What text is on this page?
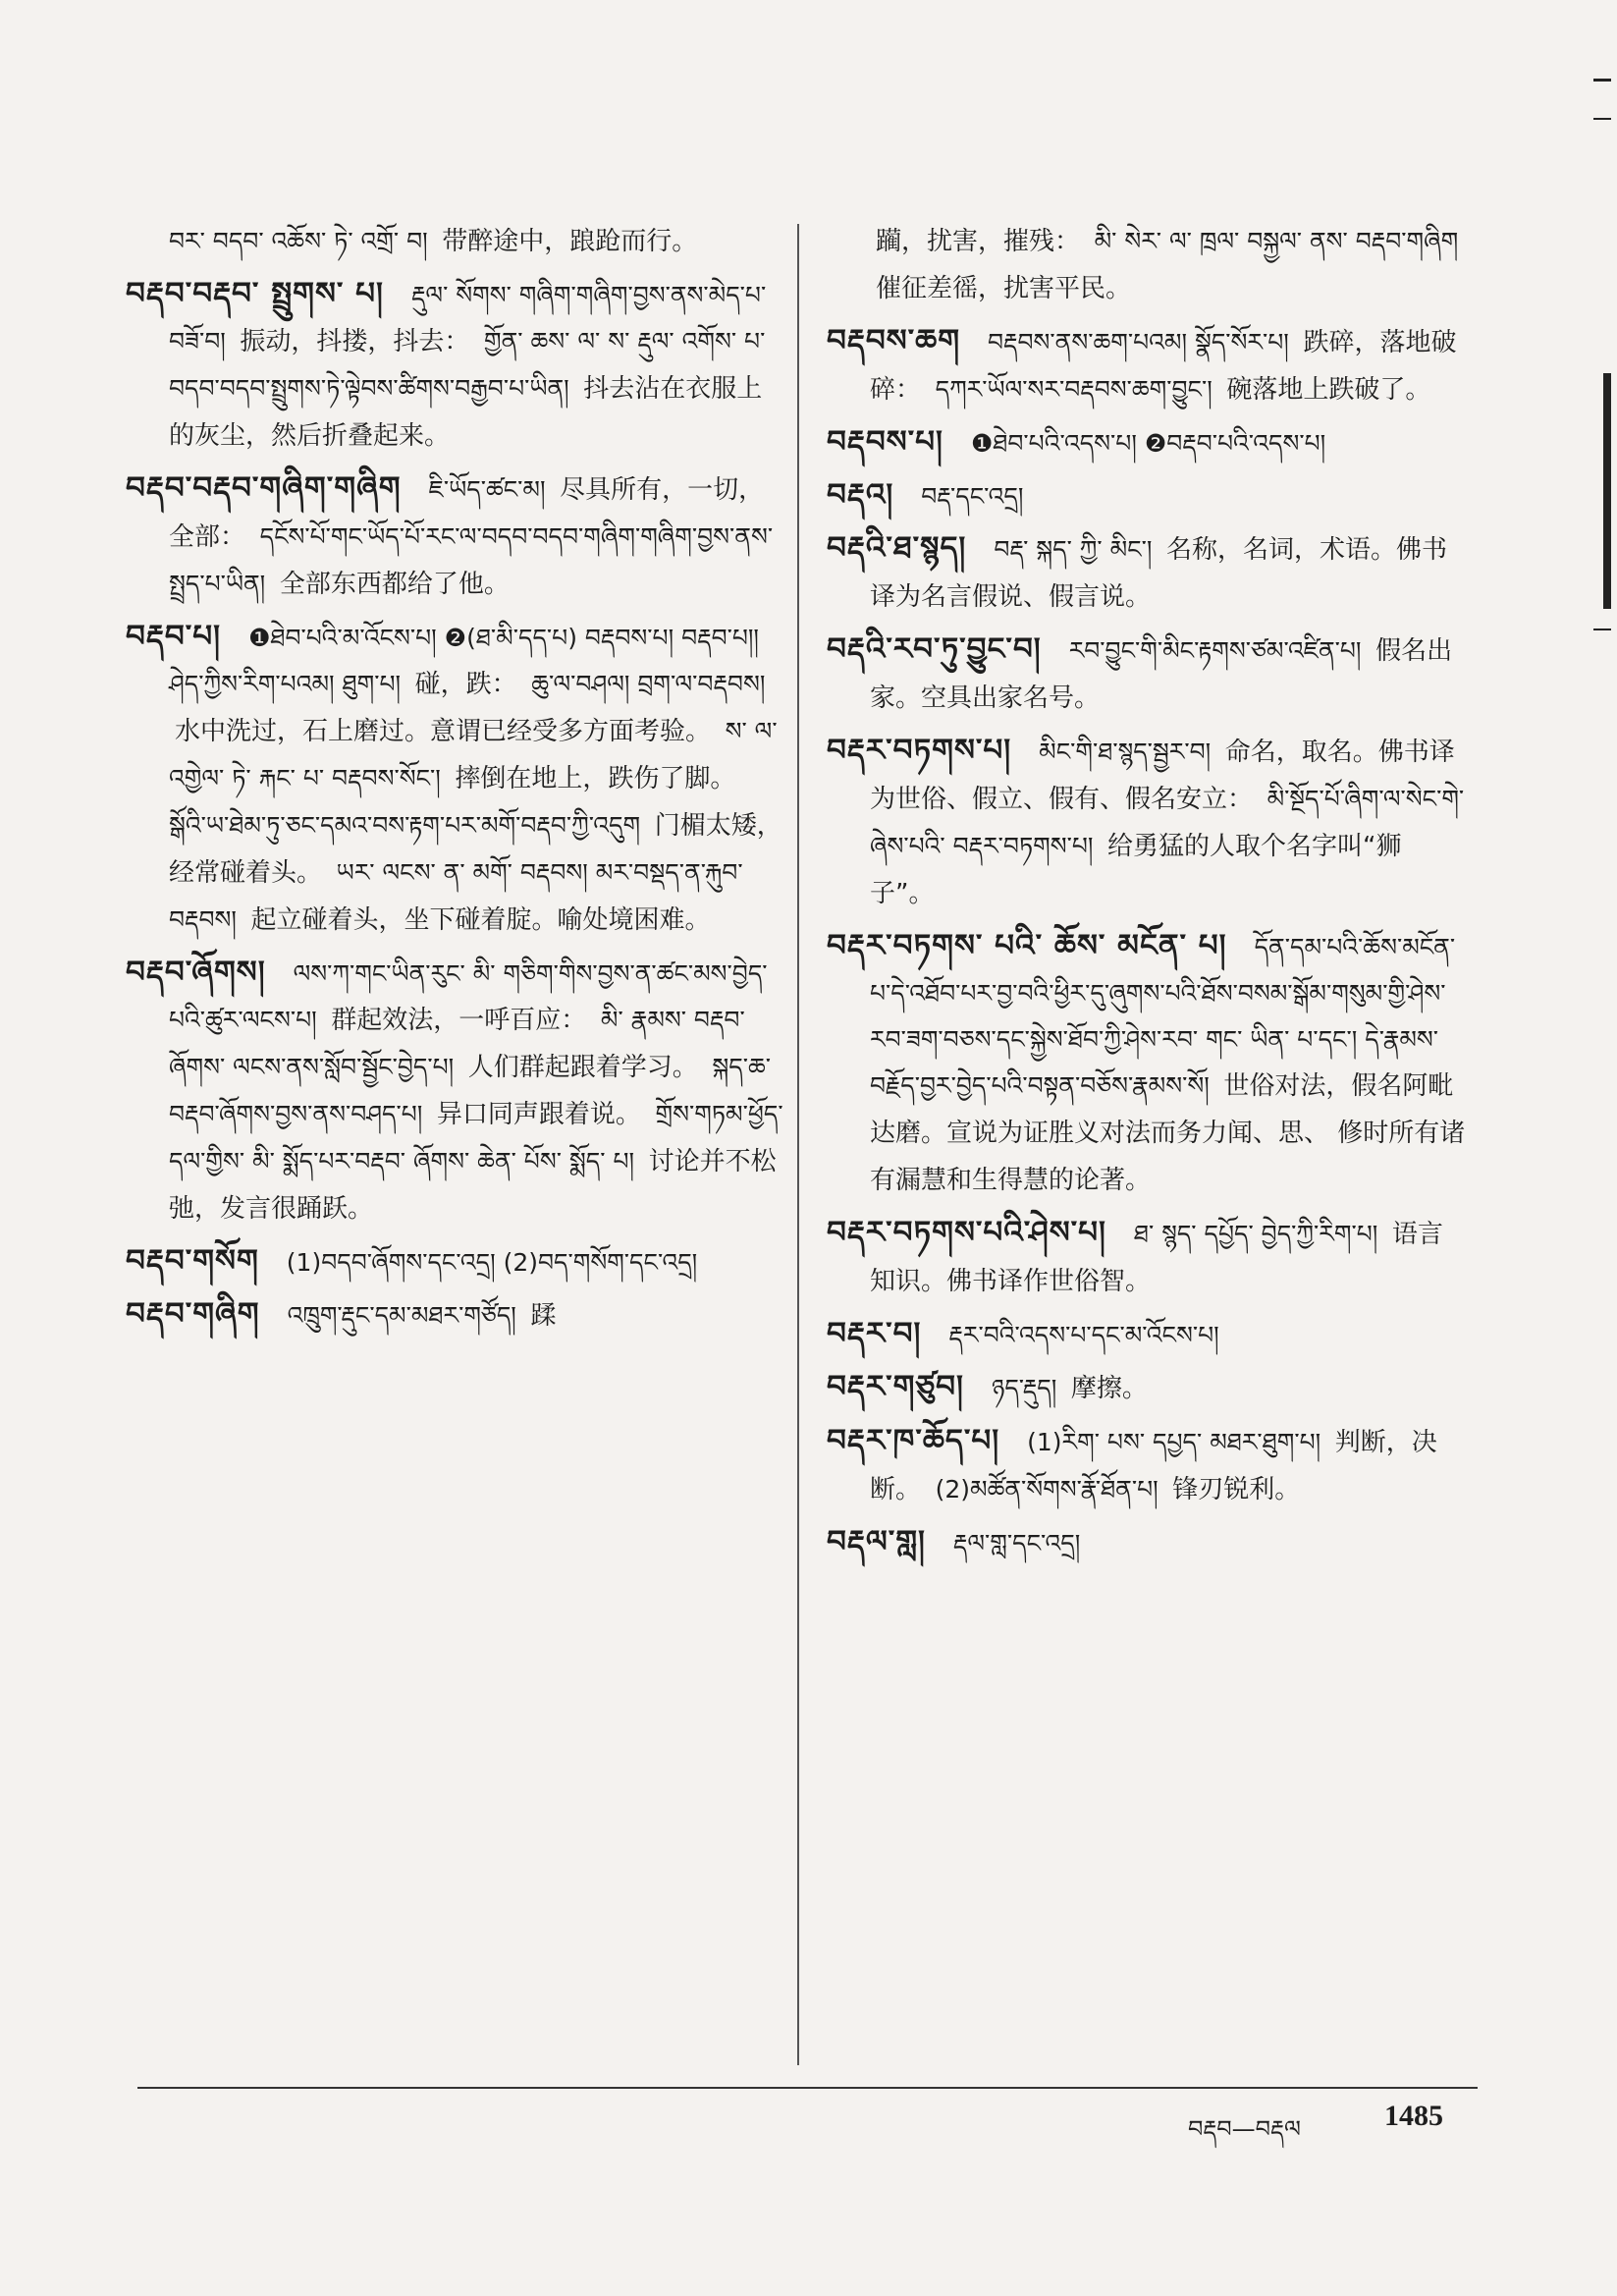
བར་ བདབ་ འཆོས་ ཏེ་ འགྲོ་ བ། 带醉途中，踉跄而行。
བརྡབ་བརྡབ་ སྤྲུགས་ པ། རྡུལ་ སོགས་ གཞིག་གཞིག་བྱས་ནས་མེད་པ་བཟོ་བ། 振动，抖搂，抖去： གྱོན་ ཆས་ ལ་ ས་ རྡུལ་ འགོས་ པ་ བདབ་བདབ་སྤྲུགས་ཏེ་ལྟེབས་ཚིགས་བརྒྱབ་པ་ཡིན། 抖去沾在衣服上的灰尘，然后折叠起来。
བརྡབ་བརྡབ་གཞིག་གཞིག ཇི་ཡོད་ཚང་མ། 尽具所有，一切，全部： དངོས་པོ་གང་ཡོད་པོ་རང་ལ་བདབ་བདབ་གཞིག་གཞིག་བྱས་ནས་སྤྲད་པ་ཡིན། 全部东西都给了他。
བརྡབ་པ། ❶ཐེབ་པའི་མ་འོངས་པ། ❷(ཐ་མི་དད་པ) བརྡབས་པ། བརྡབ་པ།། ཤེད་ཀྱིས་རིག་པའམ། ཐུག་པ། 碰，跌： ཆུ་ལ་བཤལ། བྲག་ལ་བརྡབས། 水中洗过，石上磨过。意谓已经受多方面考验。 ས་ ལ་ འགྱེལ་ ཏེ་ རྐང་ པ་ བརྡབས་སོང་། 摔倒在地上，跌伤了脚。 སྒོའི་ཡ་ཐེམ་ཏུ་ཅང་དམའ་བས་རྟག་པར་མགོ་བརྡབ་ཀྱི་འདུག 门楣太矮，经常碰着头。 ཡར་ ལངས་ ན་ མགོ་ བརྡབས། མར་བསྡད་ན་རྐུབ་བརྡབས། 起立碰着头，坐下碰着腚。喻处境困难。
བརྡབ་ཞོགས། ལས་ཀ་གང་ཡིན་རུང་ མི་ གཅིག་གིས་བྱས་ན་ཚང་མས་བྱེད་པའི་ཚུར་ལངས་པ། 群起效法，一呼百应： མི་ རྣམས་ བརྡབ་ ཞོགས་ ལངས་ནས་སློབ་སྦྱོང་བྱེད་པ། 人们群起跟着学习。 སྐད་ཆ་བརྡབ་ཞོགས་བྱས་ནས་བཤད་པ། 异口同声跟着说。 གྲོས་གཏམ་ཕྱོད་དལ་གྱིས་ མི་ སྨོད་པར་བརྡབ་ ཞོགས་ ཆེན་ པོས་ སྨོད་ པ། 讨论并不松弛，发言很踊跃。
བརྡབ་གསོག (1)བདབ་ཞོགས་དང་འདྲ། (2)བད་གསོག་དང་འདྲ།
བརྡབ་གཞིག འཁྲུག་རྡུང་དམ་མཐར་གཙོད། 蹂
躏，扰害，摧残： མི་ སེར་ ལ་ ཁྲལ་ བསྐྱལ་ ནས་ བརྡབ་གཞིག 催征差徭，扰害平民。
བརྡབས་ཆག བརྡབས་ནས་ཆག་པའམ། སྣོད་སོར་པ། 跌碎，落地破碎： དཀར་ཡོལ་སར་བརྡབས་ཆག་བྱུང་། 碗落地上跌破了。
བརྡབས་པ། ❶ཐེབ་པའི་འདས་པ། ❷བརྡབ་པའི་འདས་པ།
བརྡའ། བརྡ་དང་འདྲ།
བརྡའི་ཐ་སྙད། བརྡ་ སྐད་ ཀྱི་ མིང་། 名称，名词，术语。佛书译为名言假说、假言说。
བརྡའི་རབ་ཏུ་བྱུང་བ། རབ་བྱུང་གི་མིང་རྟགས་ཙམ་འཛིན་པ། 假名出家。空具出家名号。
བརྡར་བཏགས་པ། མིང་གི་ཐ་སྙད་སྦྱར་བ། 命名，取名。佛书译为世俗、假立、假有、假名安立： མི་སྔོད་པོ་ཞིག་ལ་སེང་གེ་ཞེས་པའི་ བརྡར་བཏགས་པ། 给勇猛的人取个名字叫“狮子”。
བརྡར་བཏགས་ པའི་ ཆོས་ མངོན་ པ། དོན་དམ་པའི་ཆོས་མངོན་པ་དེ་འཐོབ་པར་བྱ་བའི་ཕྱིར་དུ་ཞུགས་པའི་ཐོས་བསམ་སྒོམ་གསུམ་གྱི་ཤེས་རབ་ཟག་བཅས་དང་སྐྱེས་ཐོབ་ཀྱི་ཤེས་རབ་ གང་ ཡིན་ པ་དང་། དེ་རྣམས་བརྗོད་བྱར་བྱེད་པའི་བསྟན་བཅོས་རྣམས་སོ། 世俗对法，假名阿毗达磨。宣说为证胜义对法而务力闻、思、 修时所有诸有漏慧和生得慧的论著。
བརྡར་བཏགས་པའི་ཤེས་པ། ཐ་ སྙད་ དཔྱོད་ བྱེད་ཀྱི་རིག་པ། 语言知识。佛书译作世俗智。
བརྡར་བ། རྡར་བའི་འདས་པ་དང་མ་འོངས་པ།
བརྡར་གཙུབ། ཉད་རྡུད། 摩擦。
བརྡར་ཁ་ཆོད་པ། (1)རིག་ པས་ དཔྱད་ མཐར་ཐུག་པ། 判断，决断。 (2)མཚོན་སོགས་རྣོ་ཐོན་པ། 锋刃锐利。
བརྡལ་གླ། རྡལ་གླ་དང་འདྲ།
བརྡབ—བརྡལ	1485
